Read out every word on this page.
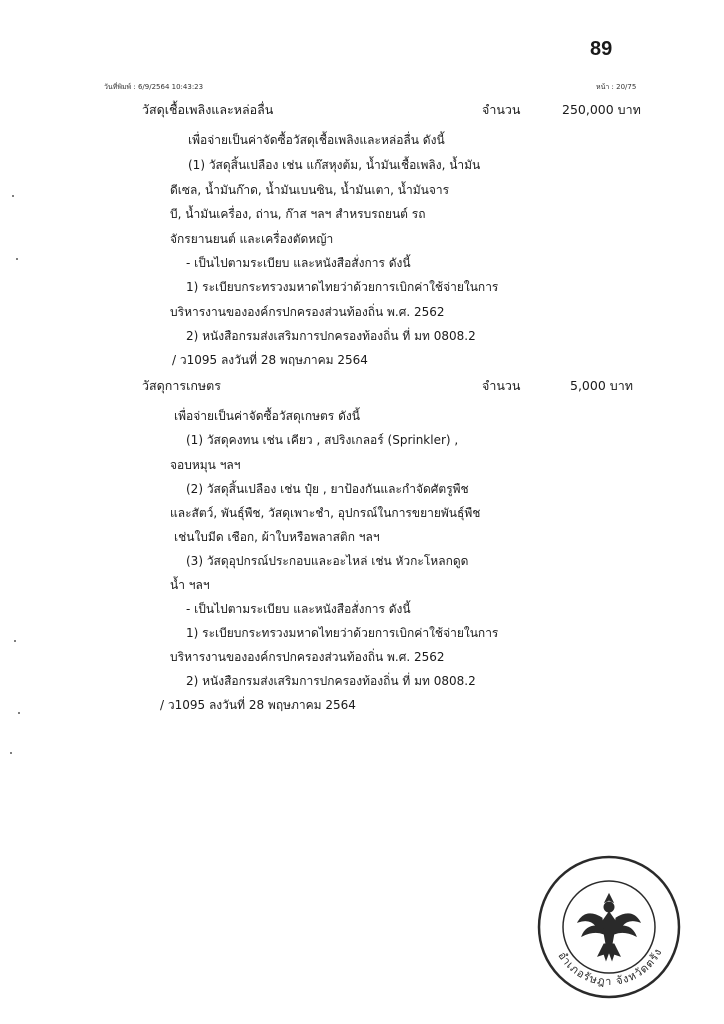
89
วันที่พิมพ์ : 6/9/2564 10:43:23	หน้า : 20/75
วัสดุเชื้อเพลิงและหล่อลื่น	จำนวน	250,000 บาท
เพื่อจ่ายเป็นค่าจัดซื้อวัสดุเชื้อเพลิงและหล่อลื่น ดังนี้
(1) วัสดุสิ้นเปลือง เช่น แก๊สหุงต้ม, น้ำมันเชื้อเพลิง, น้ำมัน
ดีเซล, น้ำมันก๊าด, น้ำมันเบนซิน, น้ำมันเตา, น้ำมันจาร
บี, น้ำมันเครื่อง, ถ่าน, ก๊าส ฯลฯ สำหรบรถยนต์ รถ
จักรยานยนต์ และเครื่องตัดหญ้า
- เป็นไปตามระเบียบ และหนังสือสั่งการ ดังนี้
1) ระเบียบกระทรวงมหาดไทยว่าด้วยการเบิกค่าใช้จ่ายในการ
บริหารงานขององค์กรปกครองส่วนท้องถิ่น พ.ศ. 2562
2) หนังสือกรมส่งเสริมการปกครองท้องถิ่น ที่ มท 0808.2
/ ว1095 ลงวันที่ 28 พฤษภาคม 2564
วัสดุการเกษตร	จำนวน	5,000 บาท
เพื่อจ่ายเป็นค่าจัดซื้อวัสดุเกษตร ดังนี้
(1) วัสดุคงทน เช่น เคียว , สปริงเกลอร์ (Sprinkler) ,
จอบหมุน ฯลฯ
(2) วัสดุสิ้นเปลือง เช่น ปุ๋ย , ยาป้องกันและกำจัดศัตรูพืช
และสัตว์, พันธุ์พืช, วัสดุเพาะชำ, อุปกรณ์ในการขยายพันธ์ุพืช
เช่นใบมีด เชือก, ผ้าใบหรือพลาสติก ฯลฯ
(3) วัสดุอุปกรณ์ประกอบและอะไหล่ เช่น หัวกะโหลกดูด
น้ำ ฯลฯ
- เป็นไปตามระเบียบ และหนังสือสั่งการ ดังนี้
1) ระเบียบกระทรวงมหาดไทยว่าด้วยการเบิกค่าใช้จ่ายในการ
บริหารงานขององค์กรปกครองส่วนท้องถิ่น พ.ศ. 2562
2) หนังสือกรมส่งเสริมการปกครองท้องถิ่น ที่ มท 0808.2
/ ว1095 ลงวันที่ 28 พฤษภาคม 2564
อำเภอรัษฎา จังหวัดตรัง
